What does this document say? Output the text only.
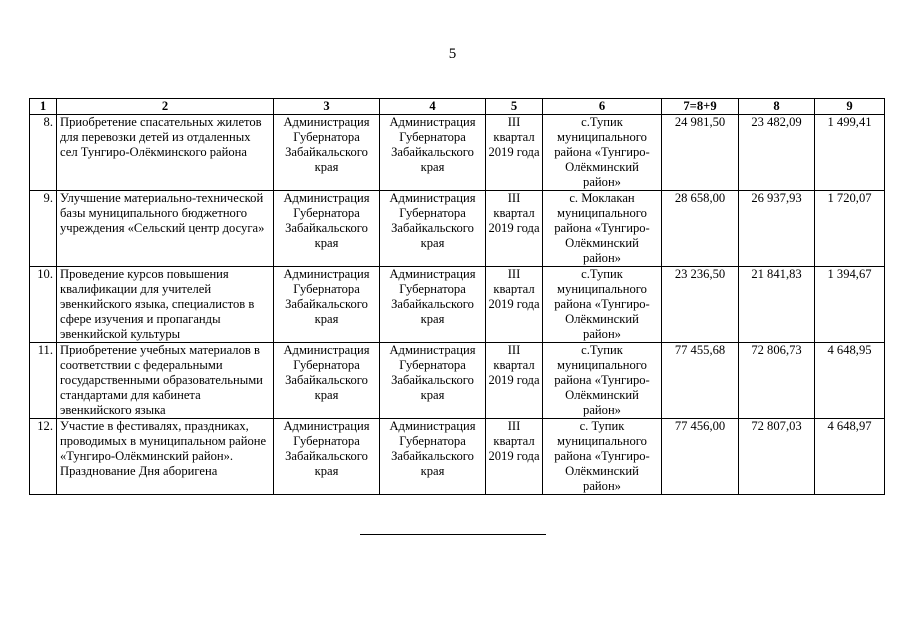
5
1	2	3	4	5	6	7=8+9	8	9

8.	Приобретение спасательных жилетов для перевозки детей из отдаленных сел Тунгиро-Олёкминского района	Администрация
Губернатора
Забайкальского
края	Администрация
Губернатора
Забайкальского
края	III
квартал
2019 года	с.Тупик
муниципального
района «Тунгиро-
Олёкминский
район»	24 981,50	23 482,09	1 499,41

9.	Улучшение материально-технической базы муниципального бюджетного учреждения «Сельский центр досуга»	Администрация
Губернатора
Забайкальского
края	Администрация
Губернатора
Забайкальского
края	III
квартал
2019 года	с. Моклакан
муниципального
района «Тунгиро-
Олёкминский
район»	28 658,00	26 937,93	1 720,07

10.	Проведение курсов повышения квалификации для учителей эвенкийского языка, специалистов в сфере изучения и пропаганды эвенкийской культуры	Администрация
Губернатора
Забайкальского
края	Администрация
Губернатора
Забайкальского
края	III
квартал
2019 года	с.Тупик
муниципального
района «Тунгиро-
Олёкминский
район»	23 236,50	21 841,83	1 394,67

11.	Приобретение учебных материалов в соответствии с федеральными государственными образовательными стандартами для кабинета эвенкийского языка	Администрация
Губернатора
Забайкальского
края	Администрация
Губернатора
Забайкальского
края	III
квартал
2019 года	с.Тупик
муниципального
района «Тунгиро-
Олёкминский
район»	77 455,68	72 806,73	4 648,95

12.	Участие в фестивалях, праздниках, проводимых в муниципальном районе «Тунгиро-Олёкминский район». Празднование Дня аборигена	Администрация
Губернатора
Забайкальского
края	Администрация
Губернатора
Забайкальского
края	III
квартал
2019 года	с. Тупик
муниципального
района «Тунгиро-
Олёкминский
район»	77 456,00	72 807,03	4 648,97
